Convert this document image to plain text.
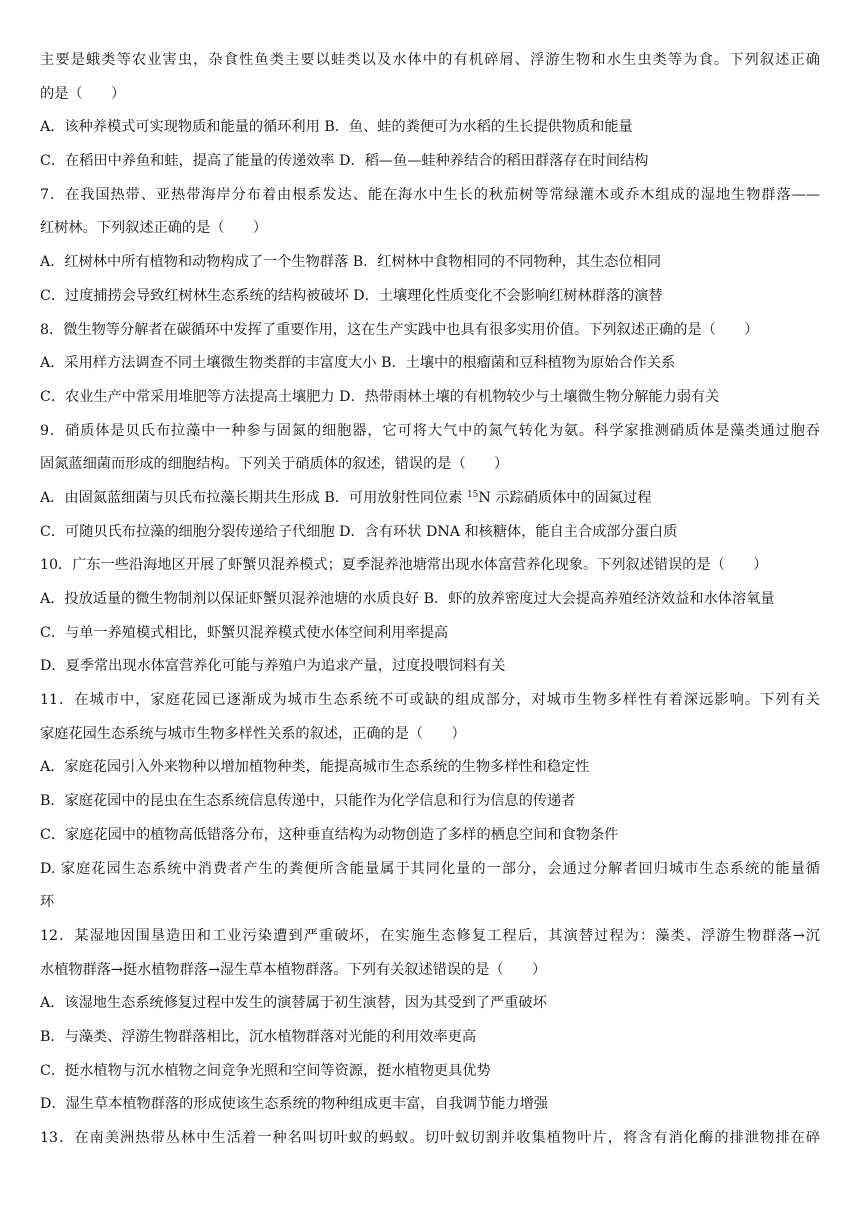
主要是蛾类等农业害虫，杂食性鱼类主要以蛙类以及水体中的有机碎屑、浮游生物和水生虫类等为食。下列叙述正确
的是（　　）
A．该种养模式可实现物质和能量的循环利用 B．鱼、蛙的粪便可为水稻的生长提供物质和能量
C．在稻田中养鱼和蛙，提高了能量的传递效率 D．稻—鱼—蛙种养结合的稻田群落存在时间结构
7．在我国热带、亚热带海岸分布着由根系发达、能在海水中生长的秋茄树等常绿灌木或乔木组成的湿地生物群落——
红树林。下列叙述正确的是（　　）
A．红树林中所有植物和动物构成了一个生物群落 B．红树林中食物相同的不同物种，其生态位相同
C．过度捕捞会导致红树林生态系统的结构被破坏 D．土壤理化性质变化不会影响红树林群落的演替
8．微生物等分解者在碳循环中发挥了重要作用，这在生产实践中也具有很多实用价值。下列叙述正确的是（　　）
A．采用样方法调查不同土壤微生物类群的丰富度大小 B．土壤中的根瘤菌和豆科植物为原始合作关系
C．农业生产中常采用堆肥等方法提高土壤肥力 D．热带雨林土壤的有机物较少与土壤微生物分解能力弱有关
9．硝质体是贝氏布拉藻中一种参与固氮的细胞器，它可将大气中的氮气转化为氨。科学家推测硝质体是藻类通过胞吞
固氮蓝细菌而形成的细胞结构。下列关于硝质体的叙述，错误的是（　　）
A．由固氮蓝细菌与贝氏布拉藻长期共生形成 B．可用放射性同位素 $^{15}$N 示踪硝质体中的固氮过程
C．可随贝氏布拉藻的细胞分裂传递给子代细胞 D．含有环状 DNA 和核糖体，能自主合成部分蛋白质
10．广东一些沿海地区开展了虾蟹贝混养模式；夏季混养池塘常出现水体富营养化现象。下列叙述错误的是（　　）
A．投放适量的微生物制剂以保证虾蟹贝混养池塘的水质良好 B．虾的放养密度过大会提高养殖经济效益和水体溶氧量
C．与单一养殖模式相比，虾蟹贝混养模式使水体空间利用率提高
D．夏季常出现水体富营养化可能与养殖户为追求产量，过度投喂饲料有关
11．在城市中，家庭花园已逐渐成为城市生态系统不可或缺的组成部分，对城市生物多样性有着深远影响。下列有关
家庭花园生态系统与城市生物多样性关系的叙述，正确的是（　　）
A．家庭花园引入外来物种以增加植物种类，能提高城市生态系统的生物多样性和稳定性
B．家庭花园中的昆虫在生态系统信息传递中，只能作为化学信息和行为信息的传递者
C．家庭花园中的植物高低错落分布，这种垂直结构为动物创造了多样的栖息空间和食物条件
D. 家庭花园生态系统中消费者产生的粪便所含能量属于其同化量的一部分，会通过分解者回归城市生态系统的能量循
环
12．某湿地因围垦造田和工业污染遭到严重破坏，在实施生态修复工程后，其演替过程为：藻类、浮游生物群落→沉
水植物群落→挺水植物群落→湿生草本植物群落。下列有关叙述错误的是（　　）
A．该湿地生态系统修复过程中发生的演替属于初生演替，因为其受到了严重破坏
B．与藻类、浮游生物群落相比，沉水植物群落对光能的利用效率更高
C．挺水植物与沉水植物之间竞争光照和空间等资源，挺水植物更具优势
D．湿生草本植物群落的形成使该生态系统的物种组成更丰富，自我调节能力增强
13．在南美洲热带丛林中生活着一种名叫切叶蚁的蚂蚁。切叶蚁切割并收集植物叶片，将含有消化酶的排泄物排在碎
